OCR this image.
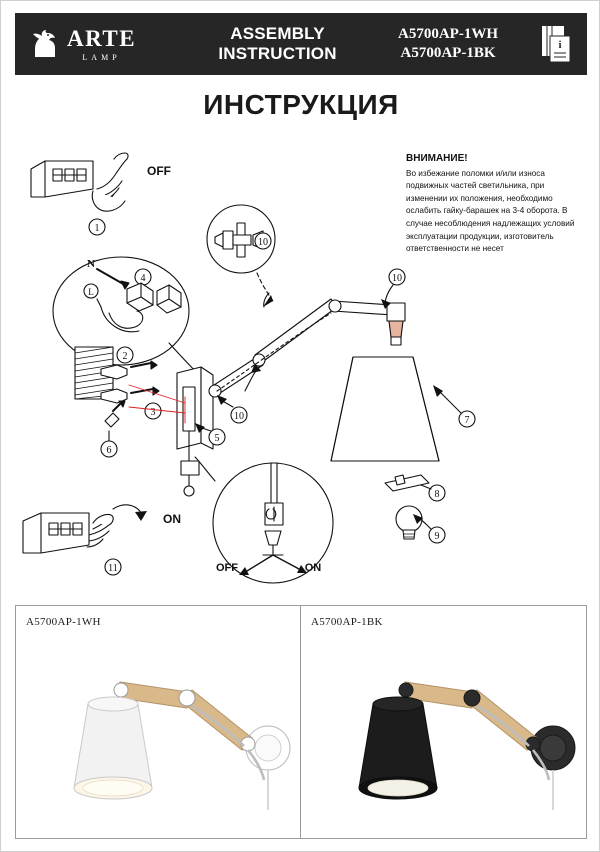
ARTE
LAMP
ASSEMBLY
INSTRUCTION
A5700AP-1WH
A5700AP-1BK	i
ИНСТРУКЦИЯ
ВНИМАНИЕ!
Во избежание поломки и/или износа подвижных частей светильника, при изменении их положения, необходимо ослабить гайку-барашек на 3-4 оборота. В случае несоблюдения надлежащих условий эксплуатации продукции, изготовитель ответственности не несет
OFF
1
N
L
4
2
3
6
10
10
10
5
7
8
9
OFF	ON
ON
11
A5700AP-1WH	A5700AP-1BK
